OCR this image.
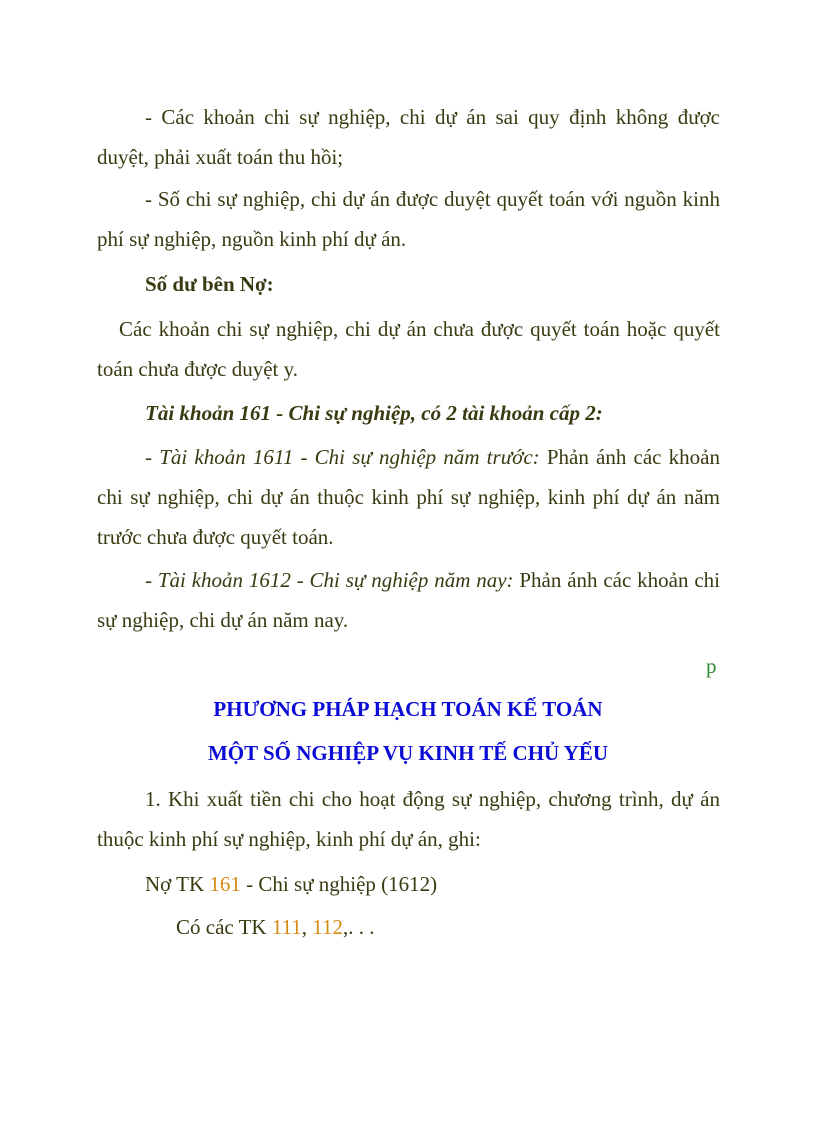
- Các khoản chi sự nghiệp, chi dự án sai quy định không được duyệt, phải xuất toán thu hồi;

- Số chi sự nghiệp, chi dự án được duyệt quyết toán với nguồn kinh phí sự nghiệp, nguồn kinh phí dự án.

Số dư bên Nợ:

Các khoản chi sự nghiệp, chi dự án chưa được quyết toán hoặc quyết toán chưa được duyệt y.

Tài khoản 161 - Chi sự nghiệp, có 2 tài khoản cấp 2:

- Tài khoản 1611 - Chi sự nghiệp năm trước: Phản ánh các khoản chi sự nghiệp, chi dự án thuộc kinh phí sự nghiệp, kinh phí dự án năm trước chưa được quyết toán.

- Tài khoản 1612 - Chi sự nghiệp năm nay: Phản ánh các khoản chi sự nghiệp, chi dự án năm nay.

p

PHƯƠNG PHÁP HẠCH TOÁN KẾ TOÁN

MỘT SỐ NGHIỆP VỤ KINH TẾ CHỦ YẾU

1. Khi xuất tiền chi cho hoạt động sự nghiệp, chương trình, dự án thuộc kinh phí sự nghiệp, kinh phí dự án, ghi:

Nợ TK 161 - Chi sự nghiệp (1612)
Có các TK 111, 112,. . .
